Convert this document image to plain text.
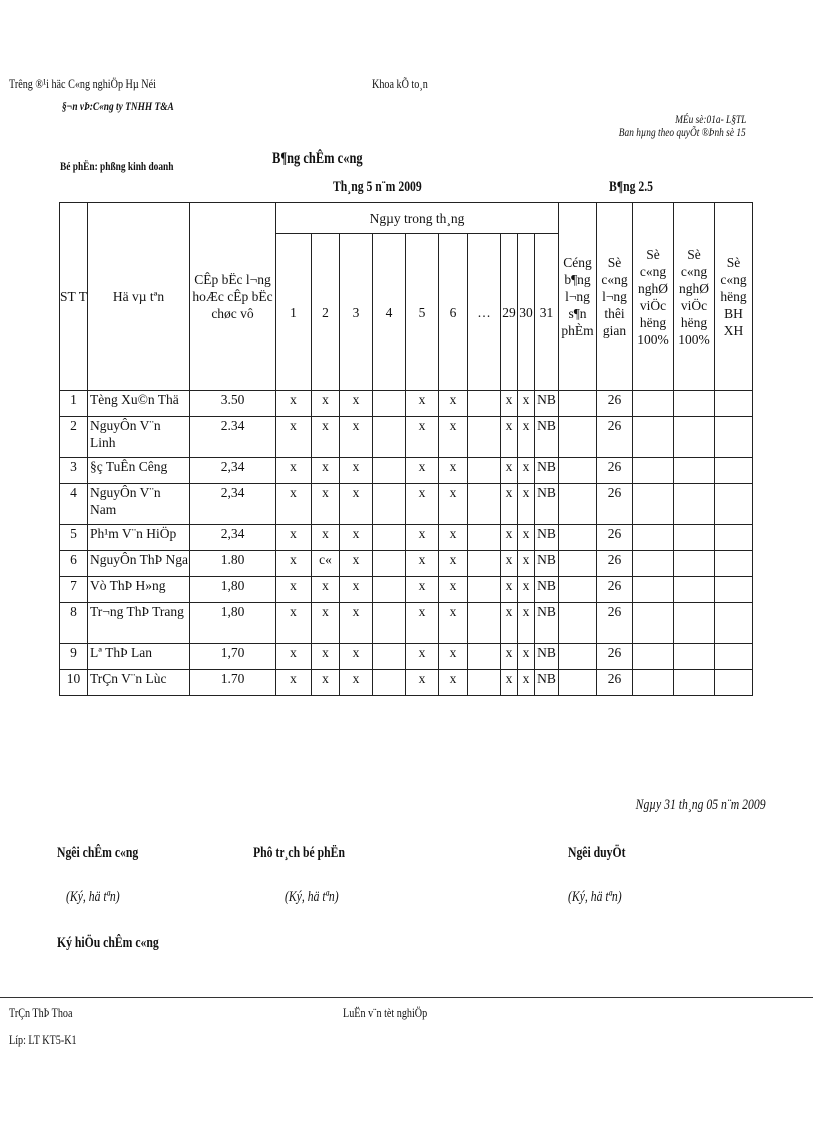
Trêng ®¹i häc C«ng nghiÖp Hµ Néi	Khoa kÕ to¸n
§¬n vÞ:C«ng ty TNHH T&A
MÉu sè:01a- L§TL
Ban hµng theo quyÕt ®Þnh sè 15
Bé phËn: phßng kinh doanh	B¶ng chÊm c«ng
Th¸ng 5 n¨m 2009	B¶ng 2.5
ST T	Hä vµ tªn	CÊp bËc l¬ng hoÆc cÊp bËc chøc vô	Ngµy trong th¸ng										Céng b¶ng l¬ng s¶n phÈm	Sè c«ng l¬ng thêi gian	Sè c«ng nghØ viÖc hëng 100%	Sè c«ng nghØ viÖc hëng 100%	Sè c«ng hëng BH XH
			1	2	3	4	5	6	…	29	30	31					
1	Tèng Xu©n Thä	3.50	x	x	x		x	x		x	x	NB		26			
2	NguyÔn V¨n Linh	2.34	x	x	x		x	x		x	x	NB		26			
3	§ç TuÊn Cêng	2,34	x	x	x		x	x		x	x	NB		26			
4	NguyÔn V¨n Nam	2,34	x	x	x		x	x		x	x	NB		26			
5	Ph¹m V¨n HiÖp	2,34	x	x	x		x	x		x	x	NB		26			
6	NguyÔn ThÞ Nga	1.80	x	c«	x		x	x		x	x	NB		26			
7	Vò ThÞ H»ng	1,80	x	x	x		x	x		x	x	NB		26			
8	Tr¬ng ThÞ Trang	1,80	x	x	x		x	x		x	x	NB		26			
9	Lª ThÞ Lan	1,70	x	x	x		x	x		x	x	NB		26			
10	TrÇn V¨n Lùc	1.70	x	x	x		x	x		x	x	NB		26			
Ngµy 31 th¸ng 05 n¨m 2009
Ngêi chÊm c«ng	Phô tr¸ch bé phËn	Ngêi duyÖt
(Ký, hä tªn)	(Ký, hä tªn)	(Ký, hä tªn)
Ký hiÖu chÊm c«ng
TrÇn ThÞ Thoa	LuËn v¨n tèt nghiÖp
Líp: LT KT5-K1
